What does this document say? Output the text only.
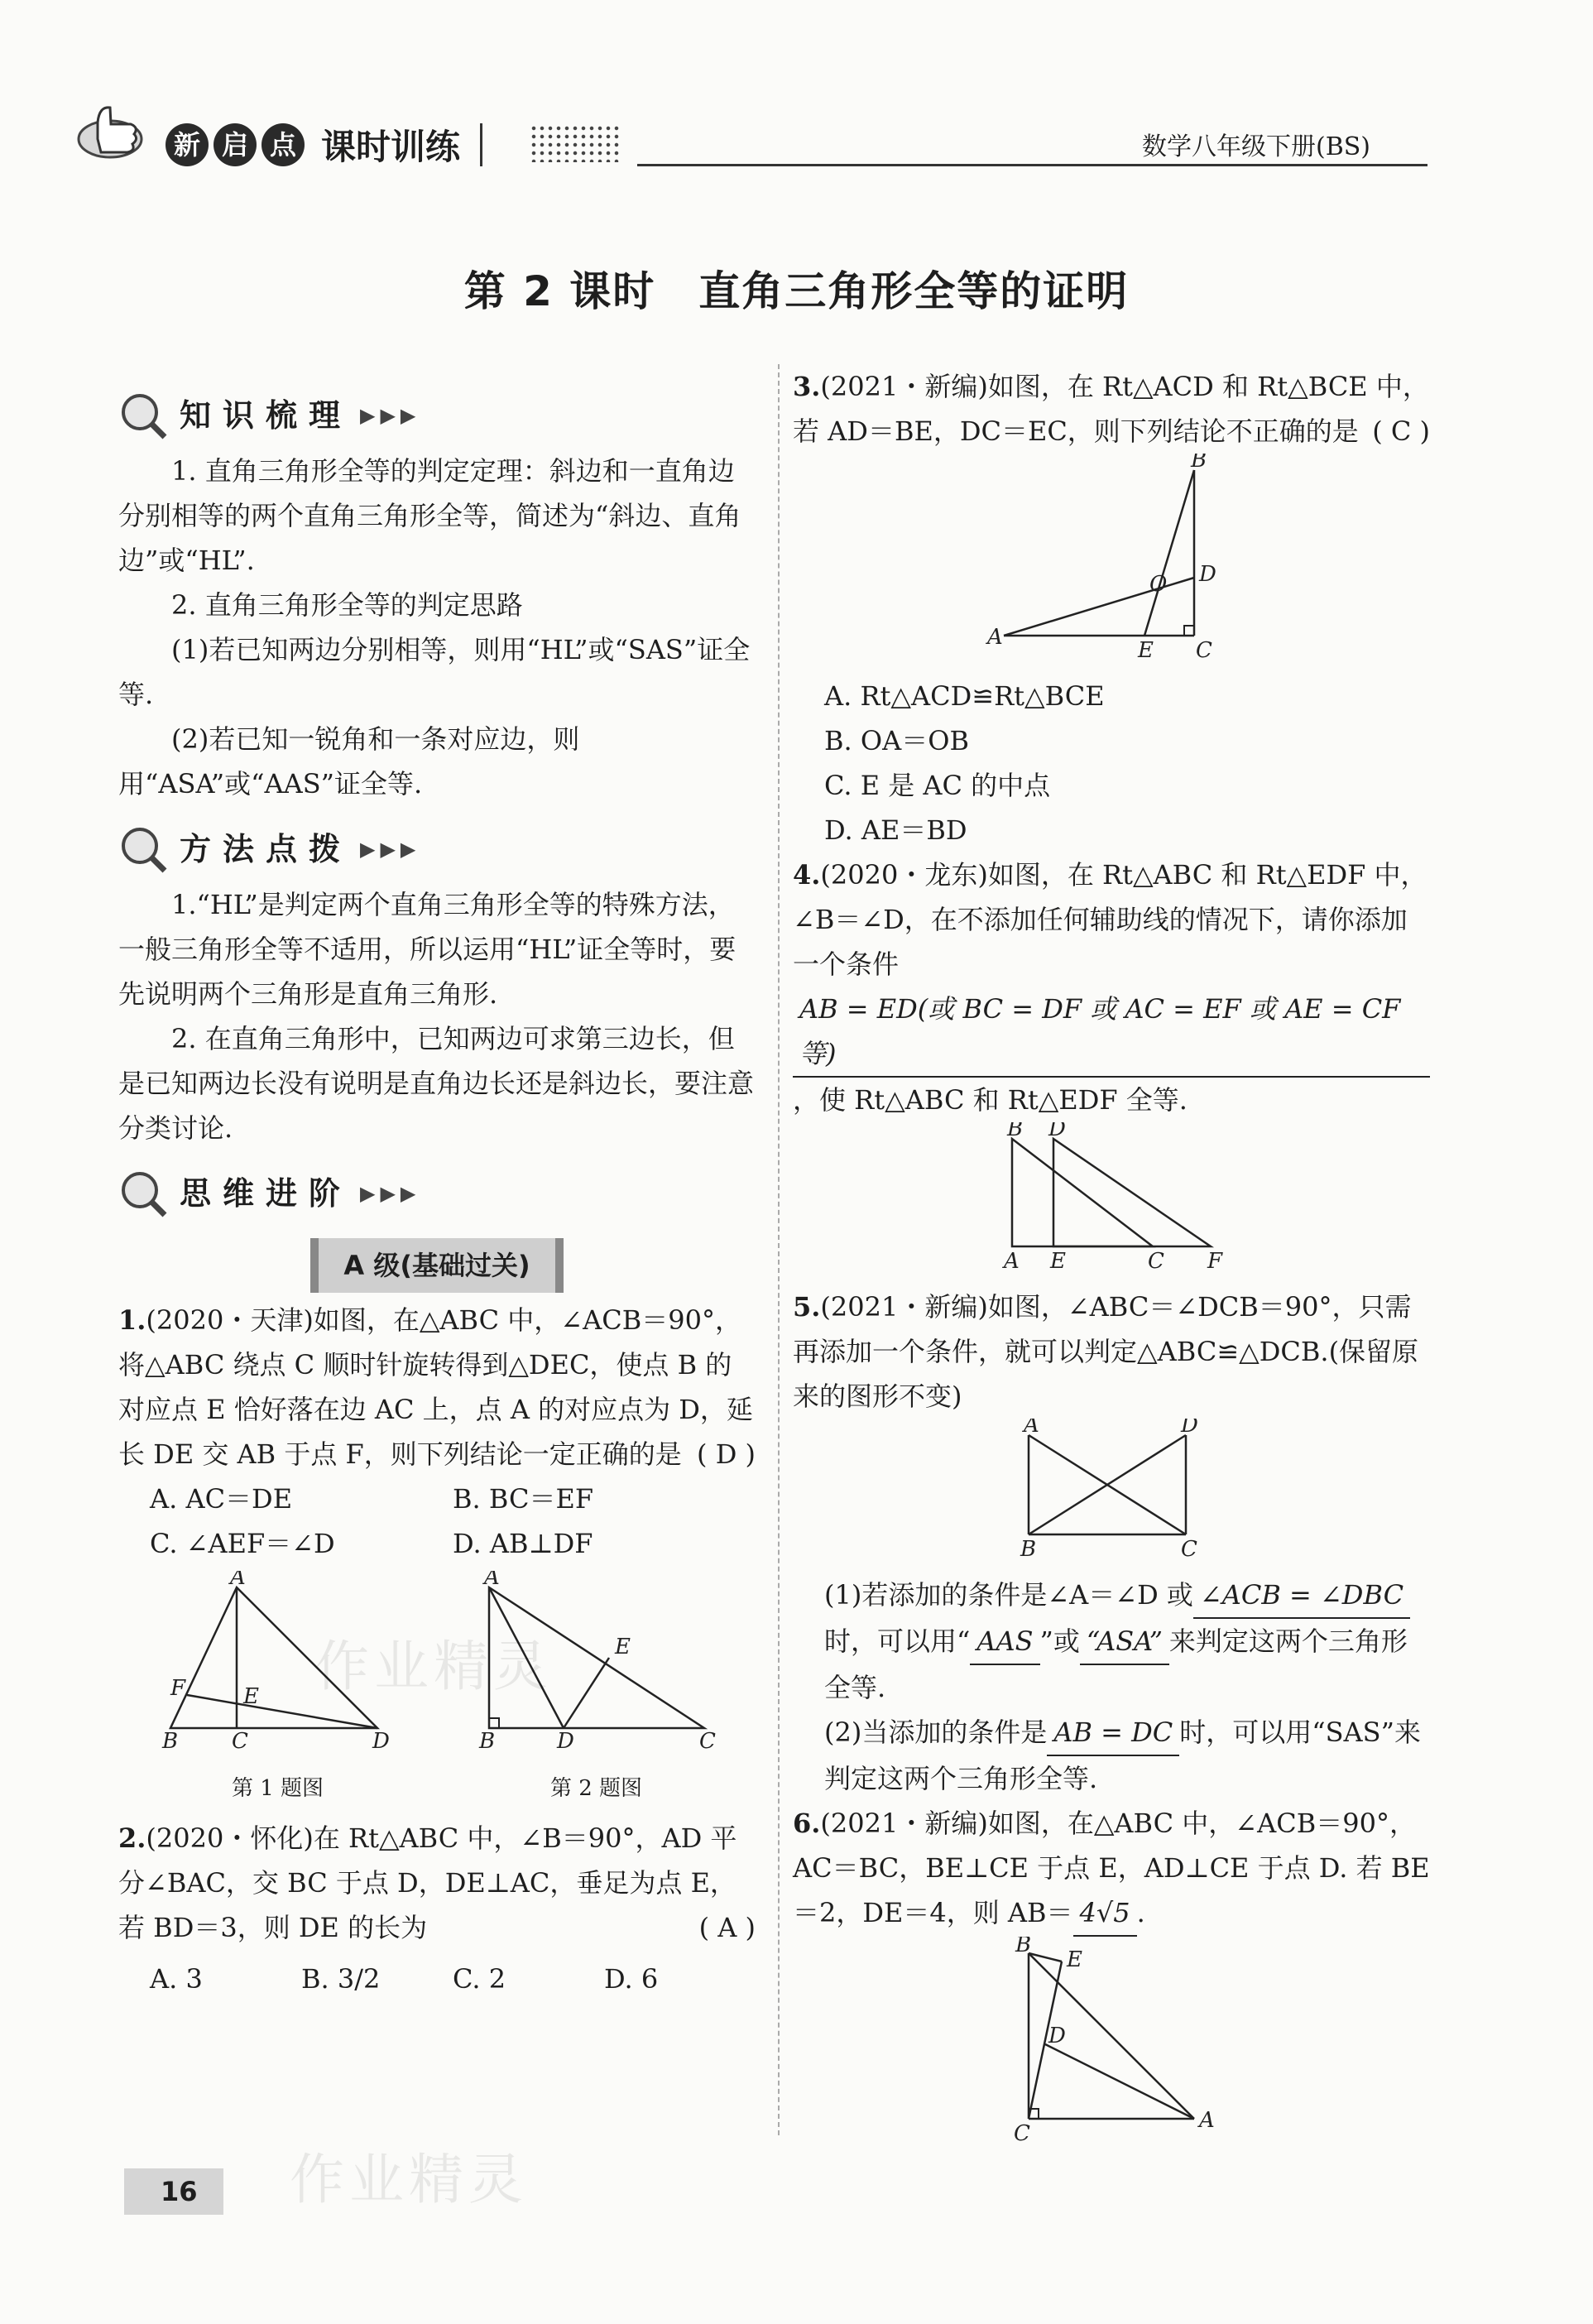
新 启 点 课时训练	数学八年级下册(BS)
第 2 课时　直角三角形全等的证明
知识梳理 ▶▶▶

1. 直角三角形全等的判定定理：斜边和一直角边分别相等的两个直角三角形全等，简述为“斜边、直角边”或“HL”.

2. 直角三角形全等的判定思路

(1)若已知两边分别相等，则用“HL”或“SAS”证全等.

(2)若已知一锐角和一条对应边，则用“ASA”或“AAS”证全等.

方法点拨 ▶▶▶

1.“HL”是判定两个直角三角形全等的特殊方法，一般三角形全等不适用，所以运用“HL”证全等时，要先说明两个三角形是直角三角形.

2. 在直角三角形中，已知两边可求第三边长，但是已知两边长没有说明是直角边长还是斜边长，要注意分类讨论.

思维进阶 ▶▶▶
A 级(基础过关)

1.(2020・天津)如图，在△ABC 中，∠ACB＝90°，将△ABC 绕点 C 顺时针旋转得到△DEC，使点 B 的对应点 E 恰好落在边 AC 上，点 A 的对应点为 D，延长 DE 交 AB 于点 F，则下列结论一定正确的是 ( D )

A. AC＝DE	B. BC＝EF
C. ∠AEF＝∠D	D. AB⊥DF
A
F	E
B C	D
第 1 题图
A
E
B	D	C
第 2 题图

2.(2020・怀化)在 Rt△ABC 中，∠B＝90°，AD 平分∠BAC，交 BC 于点 D，DE⊥AC，垂足为点 E，若 BD＝3，则 DE 的长为	( A )

A. 3	B. 3/2	C. 2	D. 6

3.(2021・新编)如图，在 Rt△ACD 和 Rt△BCE 中，若 AD＝BE，DC＝EC，则下列结论不正确的是 ( C )

B
D
O
A
E C

A. Rt△ACD≌Rt△BCE

B. OA＝OB

C. E 是 AC 的中点

D. AE＝BD

4.(2020・龙东)如图，在 Rt△ABC 和 Rt△EDF 中，∠B＝∠D，在不添加任何辅助线的情况下，请你添加一个条件AB = ED(或 BC = DF 或 AC = EF 或 AE = CF 等)，使 Rt△ABC 和 Rt△EDF 全等.

B D
A E	C F

5.(2021・新编)如图，∠ABC＝∠DCB＝90°，只需再添加一个条件，就可以判定△ABC≌△DCB.(保留原来的图形不变)

A	D
B	C

(1)若添加的条件是∠A＝∠D 或 ∠ACB = ∠DBC时，可以用“ AAS ”或 “ASA” 来判定这两个三角形全等.

(2)当添加的条件是 AB = DC 时，可以用“SAS”来判定这两个三角形全等.

6.(2021・新编)如图，在△ABC 中，∠ACB＝90°，AC＝BC，BE⊥CE 于点 E，AD⊥CE 于点 D. 若 BE＝2，DE＝4，则 AB＝ 4√5 .

B
E
D
C
A
作业精灵
作业精灵
16
